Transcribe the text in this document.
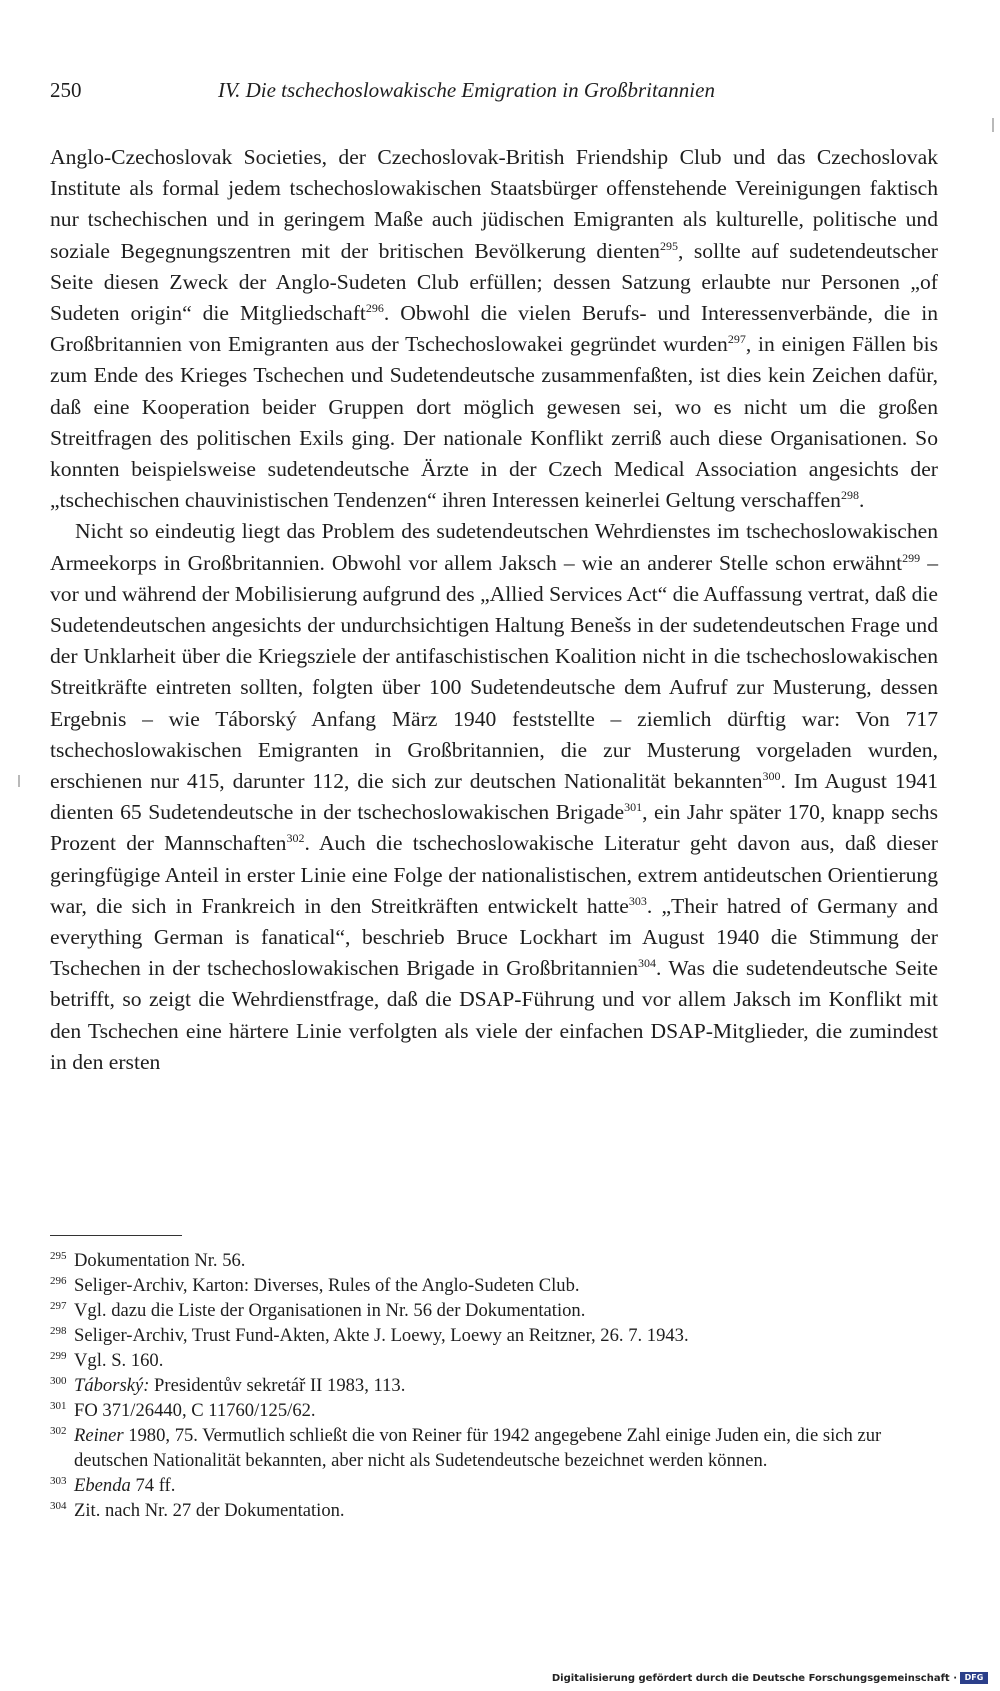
250	IV. Die tschechoslowakische Emigration in Großbritannien

Anglo-Czechoslovak Societies, der Czechoslovak-British Friendship Club und das Czechoslovak Institute als formal jedem tschechoslowakischen Staatsbürger offenstehende Vereinigungen faktisch nur tschechischen und in geringem Maße auch jüdischen Emigranten als kulturelle, politische und soziale Begegnungszentren mit der britischen Bevölkerung dienten$^{295}$, sollte auf sudetendeutscher Seite diesen Zweck der Anglo-Sudeten Club erfüllen; dessen Satzung erlaubte nur Personen „of Sudeten origin“ die Mitgliedschaft$^{296}$. Obwohl die vielen Berufs- und Interessenverbände, die in Großbritannien von Emigranten aus der Tschechoslowakei gegründet wurden$^{297}$, in einigen Fällen bis zum Ende des Krieges Tschechen und Sudetendeutsche zusammenfaßten, ist dies kein Zeichen dafür, daß eine Kooperation beider Gruppen dort möglich gewesen sei, wo es nicht um die großen Streitfragen des politischen Exils ging. Der nationale Konflikt zerriß auch diese Organisationen. So konnten beispielsweise sudetendeutsche Ärzte in der Czech Medical Association angesichts der „tschechischen chauvinistischen Tendenzen“ ihren Interessen keinerlei Geltung verschaffen$^{298}$.

Nicht so eindeutig liegt das Problem des sudetendeutschen Wehrdienstes im tschechoslowakischen Armeekorps in Großbritannien. Obwohl vor allem Jaksch – wie an anderer Stelle schon erwähnt$^{299}$ – vor und während der Mobilisierung aufgrund des „Allied Services Act“ die Auffassung vertrat, daß die Sudetendeutschen angesichts der undurchsichtigen Haltung Benešs in der sudetendeutschen Frage und der Unklarheit über die Kriegsziele der antifaschistischen Koalition nicht in die tschechoslowakischen Streitkräfte eintreten sollten, folgten über 100 Sudetendeutsche dem Aufruf zur Musterung, dessen Ergebnis – wie Táborský Anfang März 1940 feststellte – ziemlich dürftig war: Von 717 tschechoslowakischen Emigranten in Großbritannien, die zur Musterung vorgeladen wurden, erschienen nur 415, darunter 112, die sich zur deutschen Nationalität bekannten$^{300}$. Im August 1941 dienten 65 Sudetendeutsche in der tschechoslowakischen Brigade$^{301}$, ein Jahr später 170, knapp sechs Prozent der Mannschaften$^{302}$. Auch die tschechoslowakische Literatur geht davon aus, daß dieser geringfügige Anteil in erster Linie eine Folge der nationalistischen, extrem antideutschen Orientierung war, die sich in Frankreich in den Streitkräften entwickelt hatte$^{303}$. „Their hatred of Germany and everything German is fanatical“, beschrieb Bruce Lockhart im August 1940 die Stimmung der Tschechen in der tschechoslowakischen Brigade in Großbritannien$^{304}$. Was die sudetendeutsche Seite betrifft, so zeigt die Wehrdienstfrage, daß die DSAP-Führung und vor allem Jaksch im Konflikt mit den Tschechen eine härtere Linie verfolgten als viele der einfachen DSAP-Mitglieder, die zumindest in den ersten

295 Dokumentation Nr. 56.
296 Seliger-Archiv, Karton: Diverses, Rules of the Anglo-Sudeten Club.
297 Vgl. dazu die Liste der Organisationen in Nr. 56 der Dokumentation.
298 Seliger-Archiv, Trust Fund-Akten, Akte J. Loewy, Loewy an Reitzner, 26. 7. 1943.
299 Vgl. S. 160.
300 Táborský: Presidentův sekretář II 1983, 113.
301 FO 371/26440, C 11760/125/62.
302 Reiner 1980, 75. Vermutlich schließt die von Reiner für 1942 angegebene Zahl einige Juden ein, die sich zur deutschen Nationalität bekannten, aber nicht als Sudetendeutsche bezeichnet werden können.
303 Ebenda 74 ff.
304 Zit. nach Nr. 27 der Dokumentation.
Digitalisierung gefördert durch die Deutsche Forschungsgemeinschaft · DFG
